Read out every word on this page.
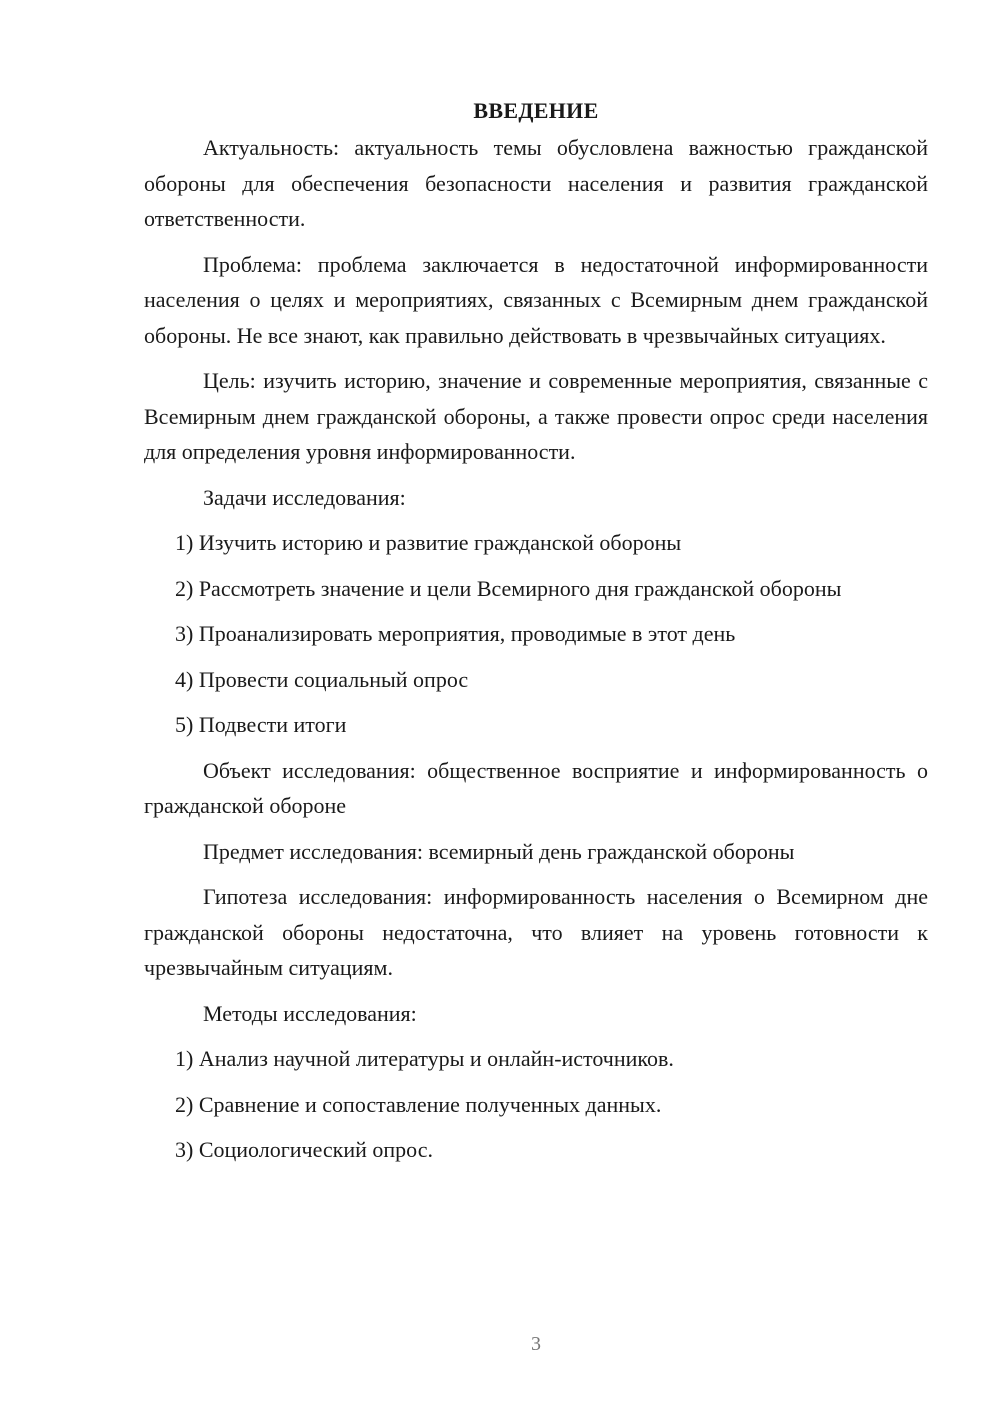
ВВЕДЕНИЕ

Актуальность: актуальность темы обусловлена важностью гражданской обороны для обеспечения безопасности населения и развития гражданской ответственности.

Проблема: проблема заключается в недостаточной информированности населения о целях и мероприятиях, связанных с Всемирным днем гражданской обороны. Не все знают, как правильно действовать в чрезвычайных ситуациях.

Цель: изучить историю, значение и современные мероприятия, связанные с Всемирным днем гражданской обороны, а также провести опрос среди населения для определения уровня информированности.

Задачи исследования:

1) Изучить историю и развитие гражданской обороны
2) Рассмотреть значение и цели Всемирного дня гражданской обороны
3) Проанализировать мероприятия, проводимые в этот день
4) Провести социальный опрос
5) Подвести итоги

Объект исследования: общественное восприятие и информированность о гражданской обороне

Предмет исследования: всемирный день гражданской обороны

Гипотеза исследования: информированность населения о Всемирном дне гражданской обороны недостаточна, что влияет на уровень готовности к чрезвычайным ситуациям.

Методы исследования:

1) Анализ научной литературы и онлайн-источников.
2) Сравнение и сопоставление полученных данных.
3) Социологический опрос.
3
